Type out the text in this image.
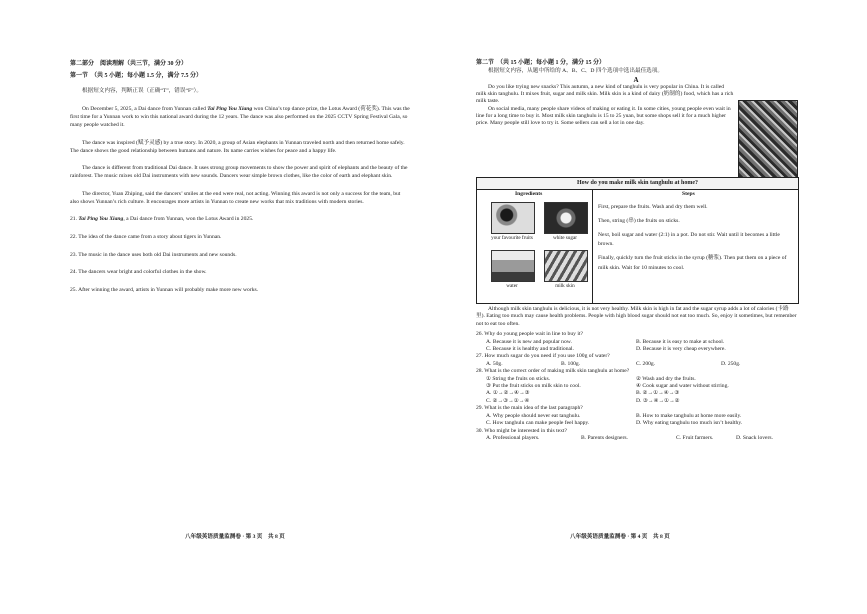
第二部分　阅读理解（共三节，满分 30 分）

第一节　（共 5 小题；每小题 1.5 分，满分 7.5 分）

根据短文内容，判断正误（正确“T”，错误“F”）。

On December 5, 2025, a Dai dance from Yunnan called Tai Ping You Xiang won China’s top dance prize, the Lotus Award (荷花奖). This was the first time for a Yunnan work to win this national award during the 12 years. The dance was also performed on the 2025 CCTV Spring Festival Gala, so many people watched it.

The dance was inspired (赋予灵感) by a true story. In 2020, a group of Asian elephants in Yunnan traveled north and then returned home safely. The dance shows the good relationship between humans and nature. Its name carries wishes for peace and a happy life.

The dance is different from traditional Dai dance. It uses strong group movements to show the power and spirit of elephants and the beauty of the rainforest. The music mixes old Dai instruments with new sounds. Dancers wear simple brown clothes, like the color of earth and elephant skin.

The director, Yuan Zhiping, said the dancers’ smiles at the end were real, not acting. Winning this award is not only a success for the team, but also shows Yunnan’s rich culture. It encourages more artists in Yunnan to create new works that mix traditions with modern stories.

21. Tai Ping You Xiang, a Dai dance from Yunnan, won the Lotus Award in 2025.

22. The idea of the dance came from a story about tigers in Yunnan.

23. The music in the dance uses both old Dai instruments and new sounds.

24. The dancers wear bright and colorful clothes in the show.

25. After winning the award, artists in Yunnan will probably make more new works.

第二节　（共 15 小题；每小题 1 分，满分 15 分）

根据短文内容，从题中所给的 A、B、C、D 四个选项中选出最佳选项。

A

Do you like trying new snacks? This autumn, a new kind of tanghulu is very popular in China. It is called milk skin tanghulu. It mixes fruit, sugar and milk skin. Milk skin is a kind of dairy (奶制的) food, which has a rich milk taste.

On social media, many people share videos of making or eating it. In some cities, young people even wait in line for a long time to buy it. Most milk skin tanghulu is 15 to 25 yuan, but some shops sell it for a much higher price. Many people still love to try it. Some sellers can sell a lot in one day.

How do you make milk skin tanghulu at home?
Ingredients	Steps
your favourite fruits	white sugar
water	milk skin

First, prepare the fruits. Wash and dry them well.

Then, string (串) the fruits on sticks.

Next, boil sugar and water (2:1) in a pot. Do not stir. Wait until it becomes a little brown.

Finally, quickly turn the fruit sticks in the syrup (糖浆). Then put them on a piece of milk skin. Wait for 10 minutes to cool.

Although milk skin tanghulu is delicious, it is not very healthy. Milk skin is high in fat and the sugar syrup adds a lot of calories (卡路里). Eating too much may cause health problems. People with high blood sugar should not eat too much. So, enjoy it sometimes, but remember not to eat too often.

26. Why do young people wait in line to buy it?

A. Because it is new and popular now.	B. Because it is easy to make at school.
C. Because it is healthy and traditional.	D. Because it is very cheap everywhere.

27. How much sugar do you need if you use 100g of water?

A. 50g.	B. 100g.	C. 200g.	D. 250g.

28. What is the correct order of making milk skin tanghulu at home?

① String the fruits on sticks.	② Wash and dry the fruits.
③ Put the fruit sticks on milk skin to cool.	④ Cook sugar and water without stirring.
A. ①→②→④→③	B. ②→①→④→③
C. ②→③→①→④	D. ③→④→①→②

29. What is the main idea of the last paragraph?

A. Why people should never eat tanghulu.	B. How to make tanghulu at home more easily.
C. How tanghulu can make people feel happy.	D. Why eating tanghulu too much isn’t healthy.

30. Who might be interested in this text?

A. Professional players.	B. Parents designers.	C. Fruit farmers.	D. Snack lovers.
八年级英语质量监测卷 · 第 3 页　共 8 页	八年级英语质量监测卷 · 第 4 页　共 8 页
